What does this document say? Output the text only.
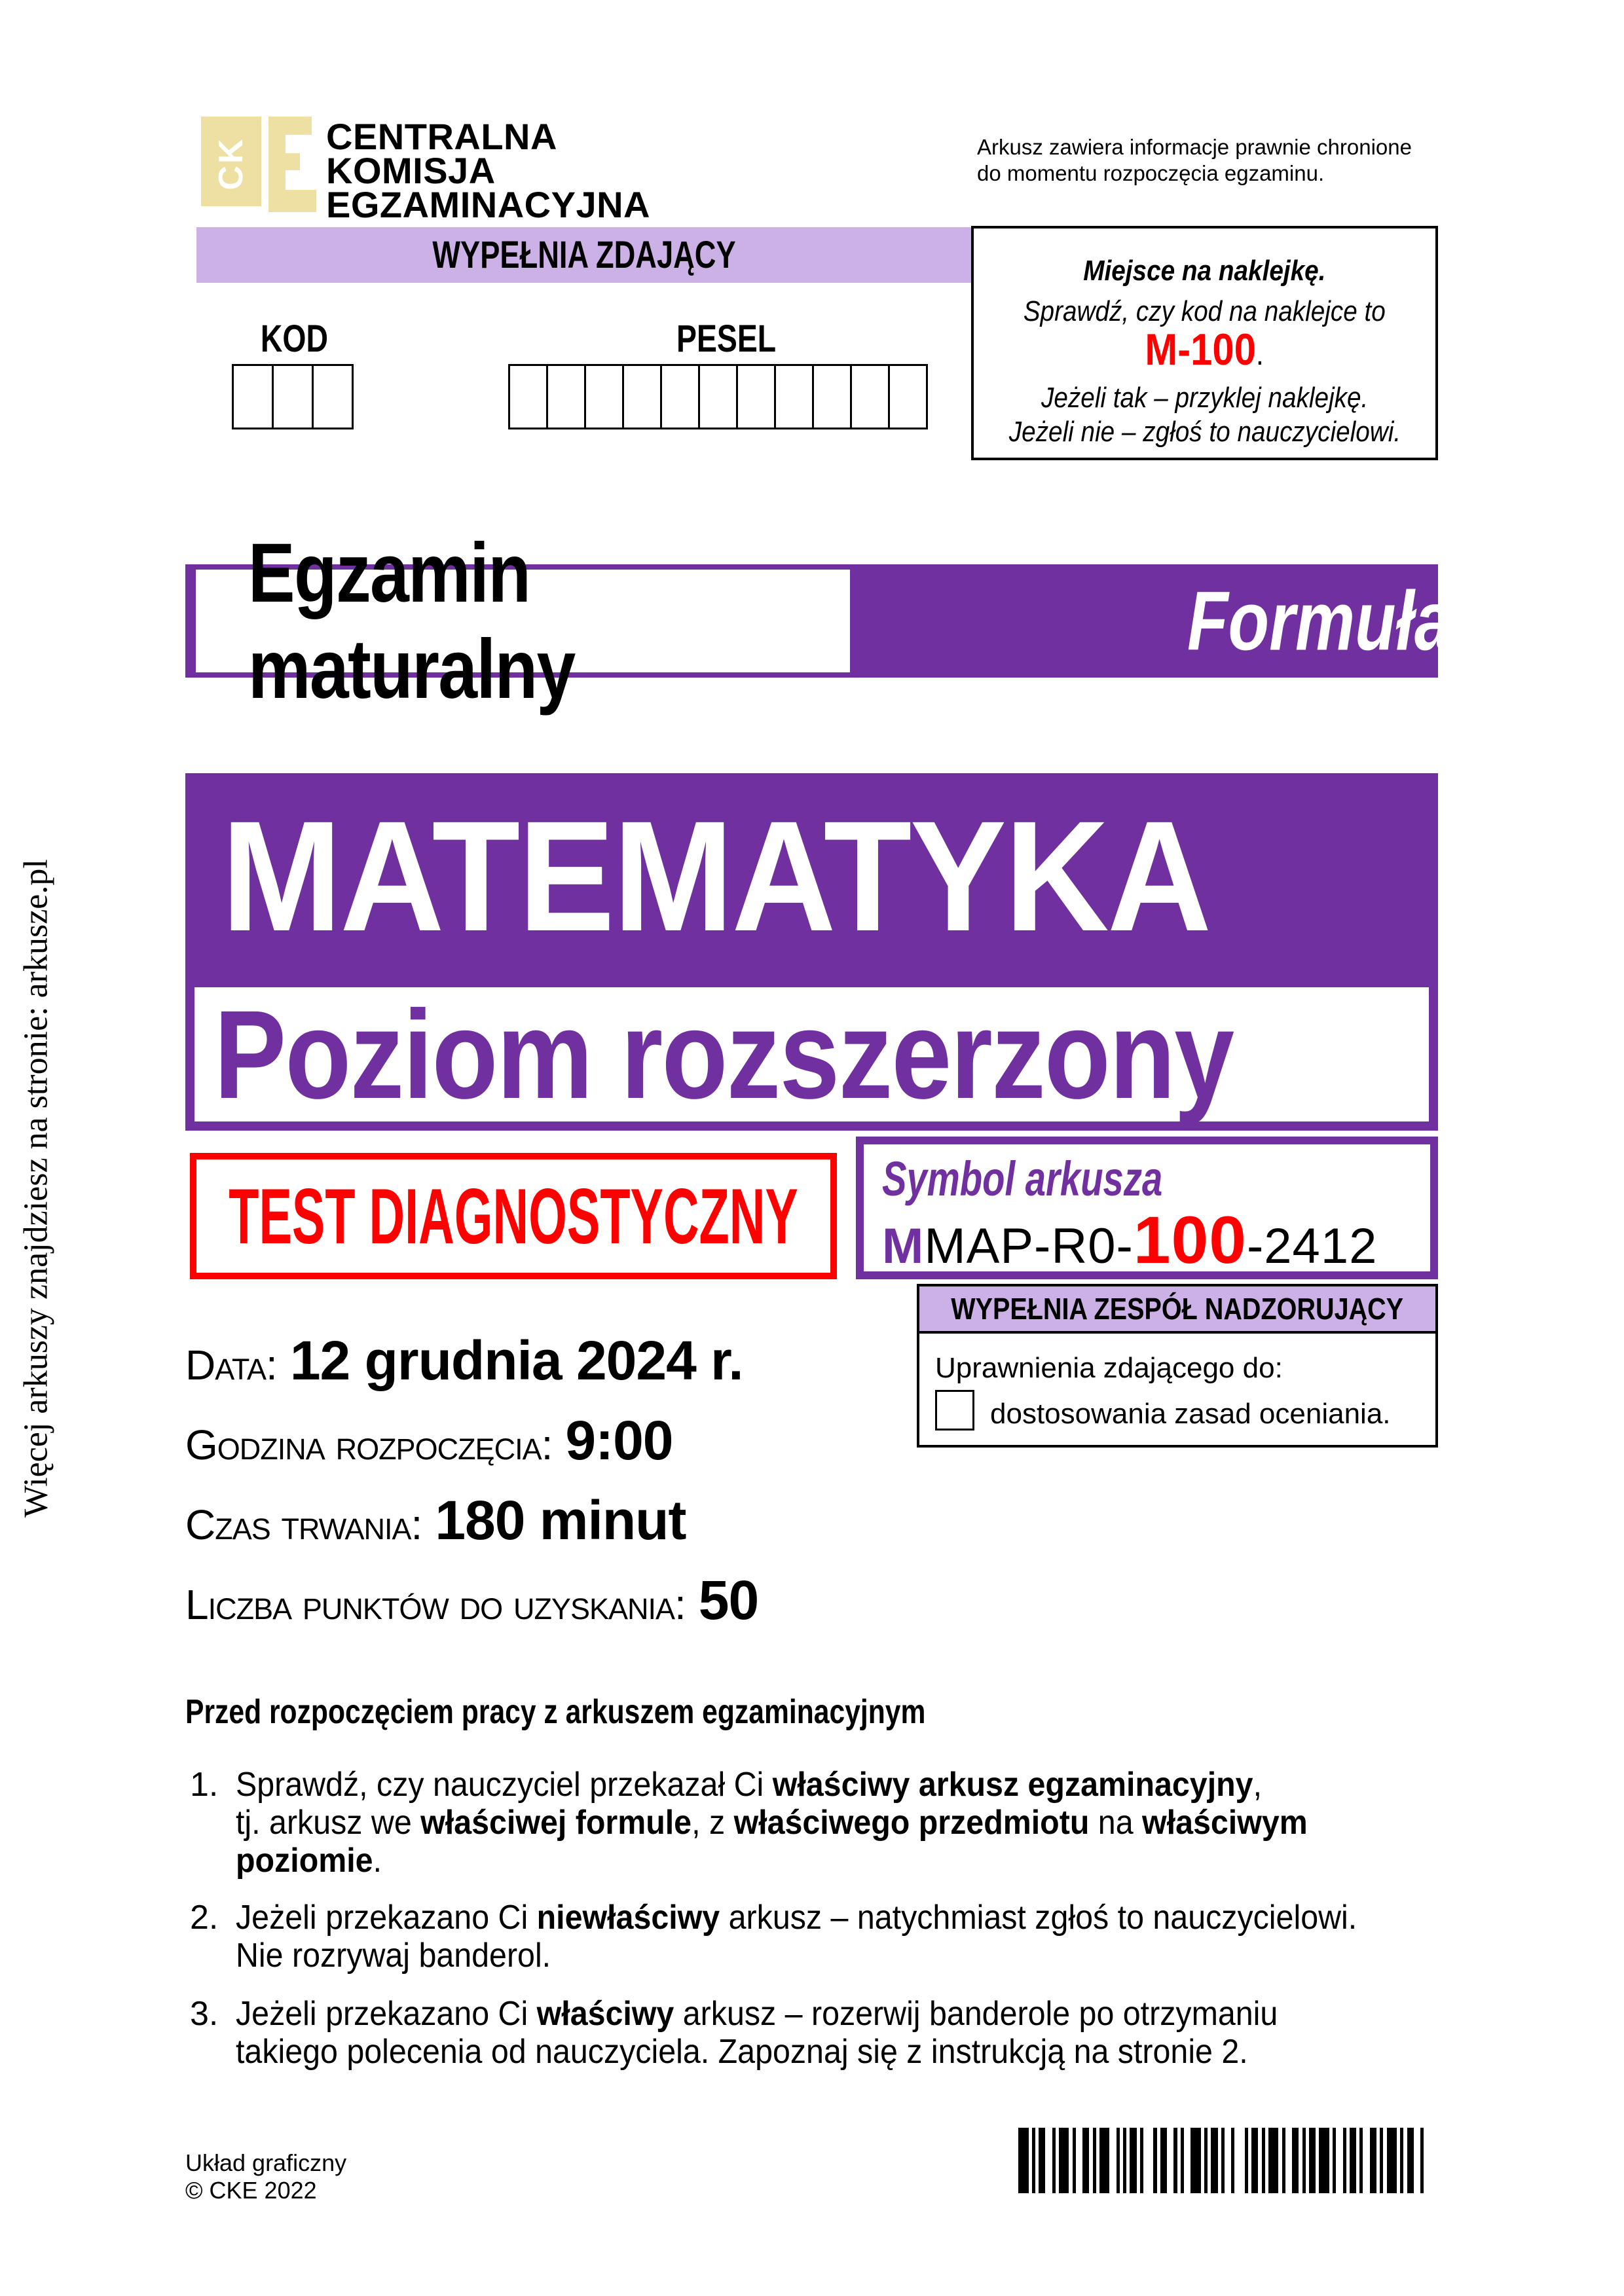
Więcej arkuszy znajdziesz na stronie: arkusze.pl
CK
CENTRALNA
KOMISJA
EGZAMINACYJNA
Arkusz zawiera informacje prawnie chronione
do momentu rozpoczęcia egzaminu.
WYPEŁNIA ZDAJĄCY
KOD	PESEL
Miejsce na naklejkę.
Sprawdź, czy kod na naklejce to
M-100.
Jeżeli tak – przyklej naklejkę.
Jeżeli nie – zgłoś to nauczycielowi.
Egzamin maturalny
Formuła 2023
MATEMATYKA
Poziom rozszerzony
TEST DIAGNOSTYCZNY Symbol arkusza
M MAP-R0- 100 -2412
WYPEŁNIA ZESPÓŁ NADZORUJĄCY
Uprawnienia zdającego do:
dostosowania zasad oceniania.
Data: 12 grudnia 2024 r.
Godzina rozpoczęcia: 9:00
Czas trwania: 180 minut
Liczba punktów do uzyskania: 50
Przed rozpoczęciem pracy z arkuszem egzaminacyjnym
1. Sprawdź, czy nauczyciel przekazał Ci właściwy arkusz egzaminacyjny,
tj. arkusz we właściwej formule, z właściwego przedmiotu na właściwym
poziomie.
2. Jeżeli przekazano Ci niewłaściwy arkusz – natychmiast zgłoś to nauczycielowi.
Nie rozrywaj banderol.
3. Jeżeli przekazano Ci właściwy arkusz – rozerwij banderole po otrzymaniu
takiego polecenia od nauczyciela. Zapoznaj się z instrukcją na stronie 2.
Układ graficzny
© CKE 2022
